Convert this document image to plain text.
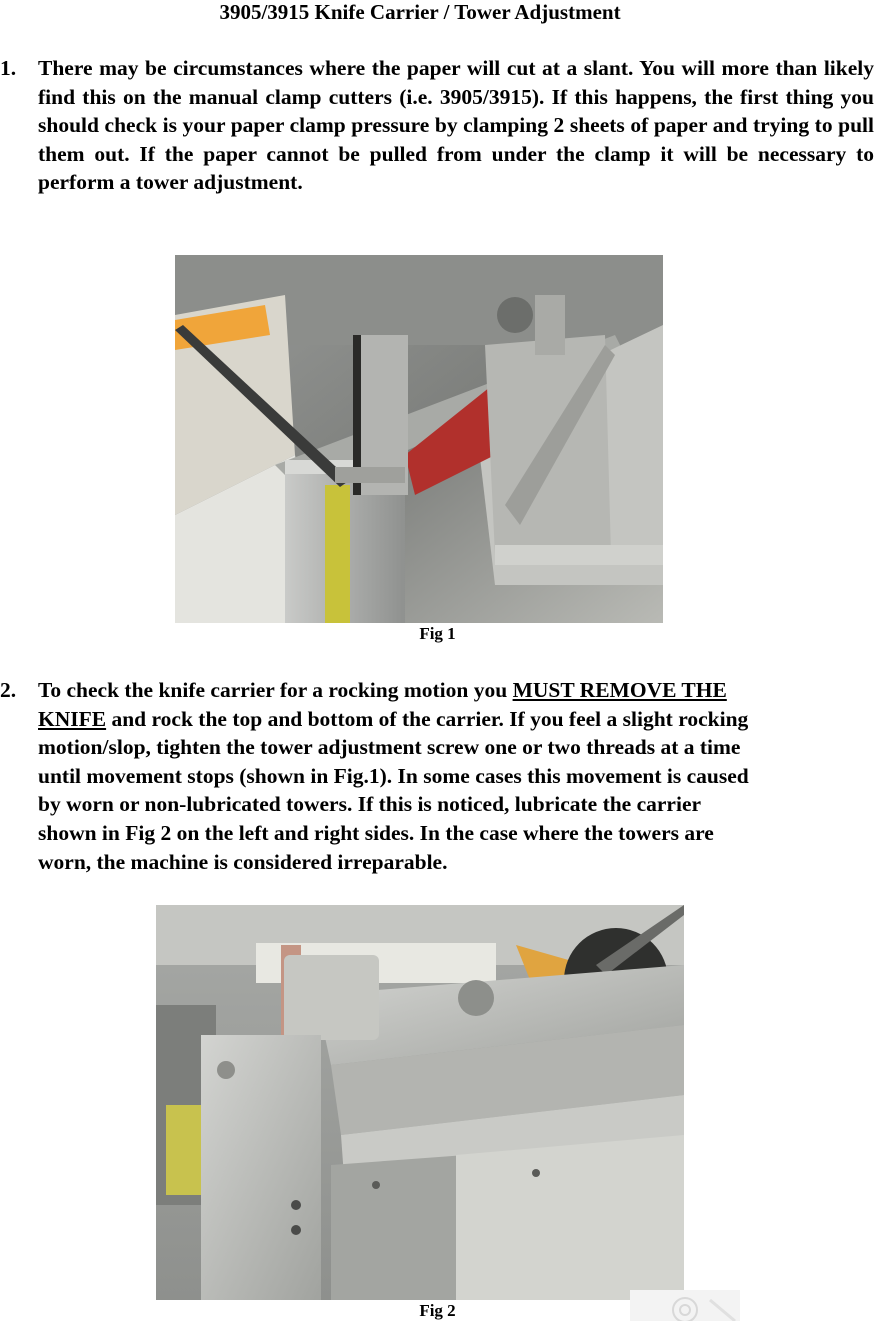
3905/3915 Knife Carrier / Tower Adjustment
1. There may be circumstances where the paper will cut at a slant. You will more than likely find this on the manual clamp cutters (i.e. 3905/3915). If this happens, the first thing you should check is your paper clamp pressure by clamping 2 sheets of paper and trying to pull them out. If the paper cannot be pulled from under the clamp it will be necessary to perform a tower adjustment.
Fig 1
2. To check the knife carrier for a rocking motion you MUST REMOVE THE
KNIFE and rock the top and bottom of the carrier. If you feel a slight rocking
motion/slop, tighten the tower adjustment screw one or two threads at a time
until movement stops (shown in Fig.1). In some cases this movement is caused
by worn or non-lubricated towers. If this is noticed, lubricate the carrier
shown in Fig 2 on the left and right sides. In the case where the towers are
worn, the machine is considered irreparable.
Fig 2
